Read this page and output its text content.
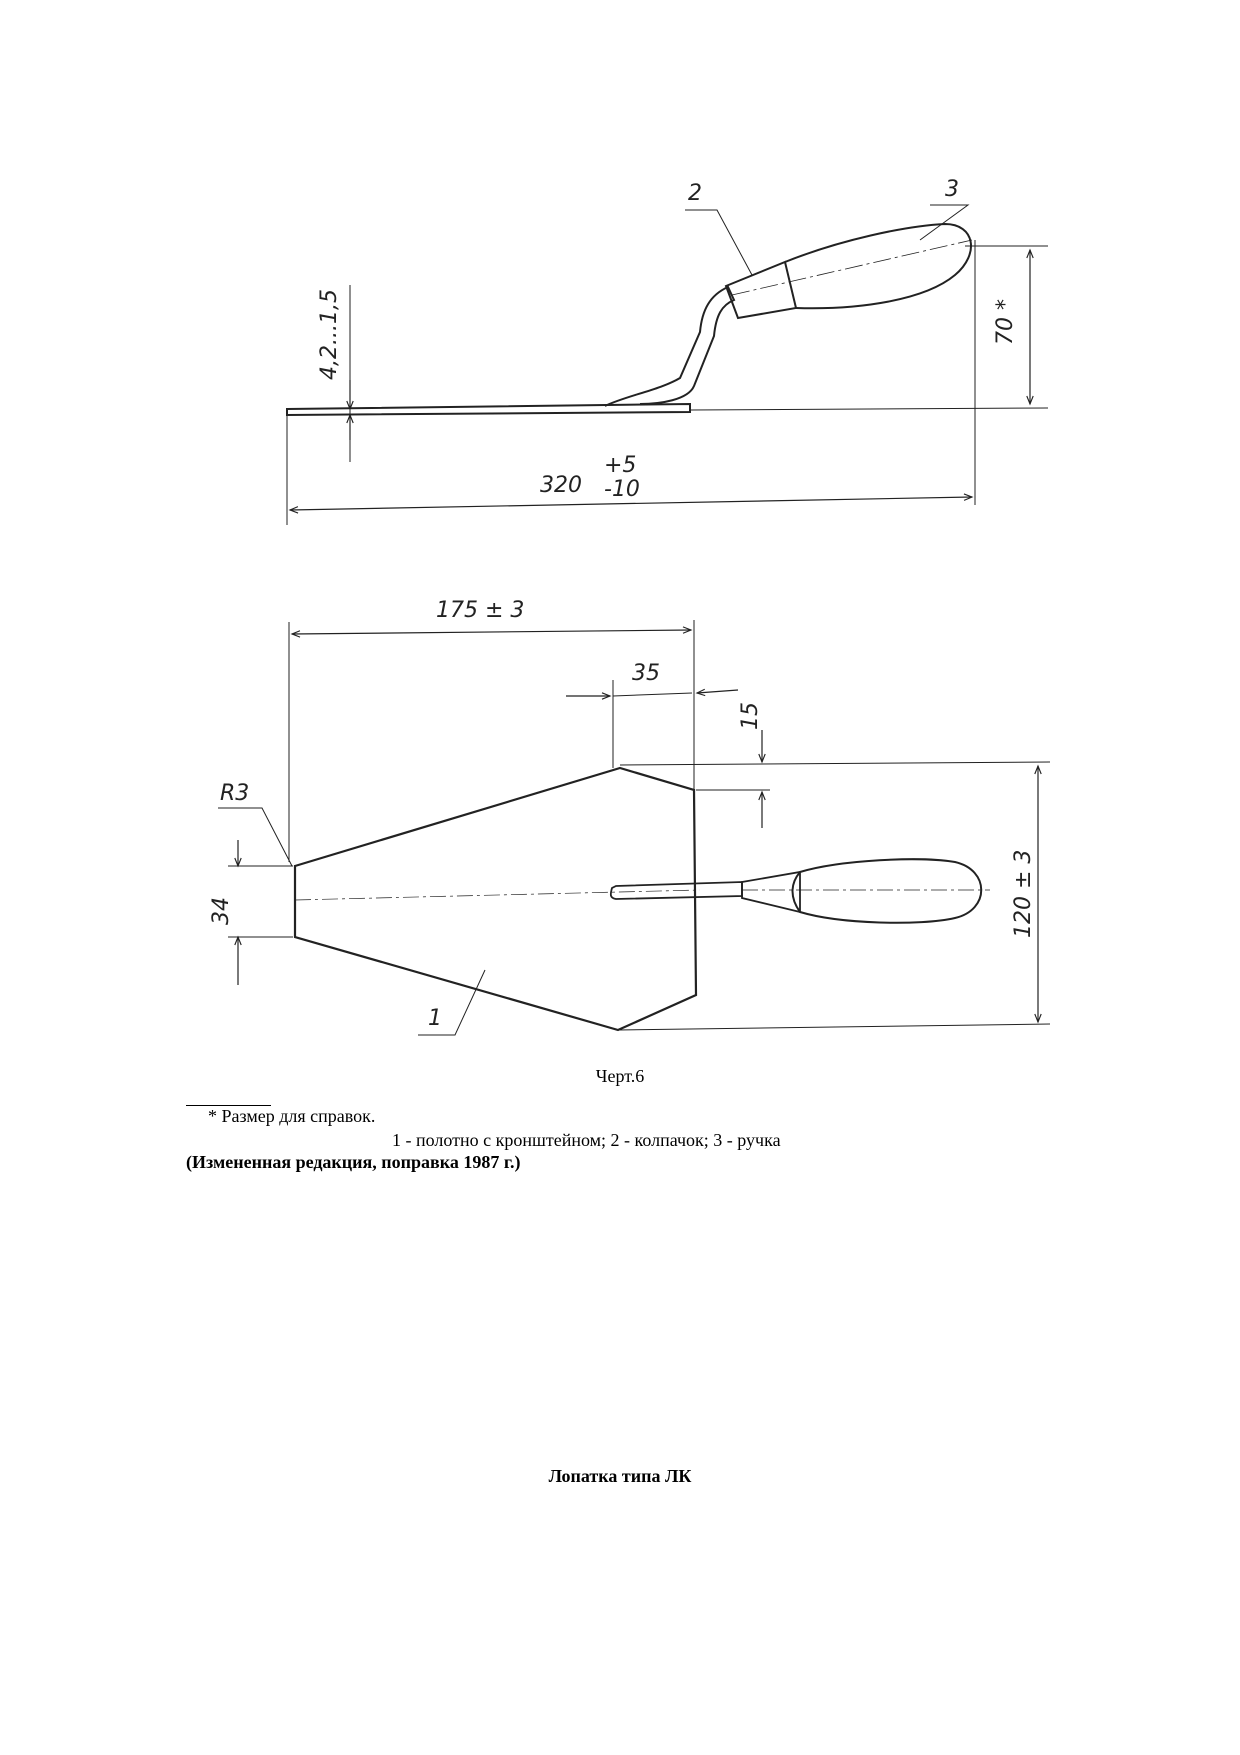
2	3
4,2...1,5	70 *
320
+5
-10
175 ± 3
35
15
R3
34	120 ± 3
1
Черт.6
* Размер для справок.
1 - полотно с кронштейном; 2 - колпачок; 3 - ручка
(Измененная редакция, поправка 1987 г.)
Лопатка типа ЛК
